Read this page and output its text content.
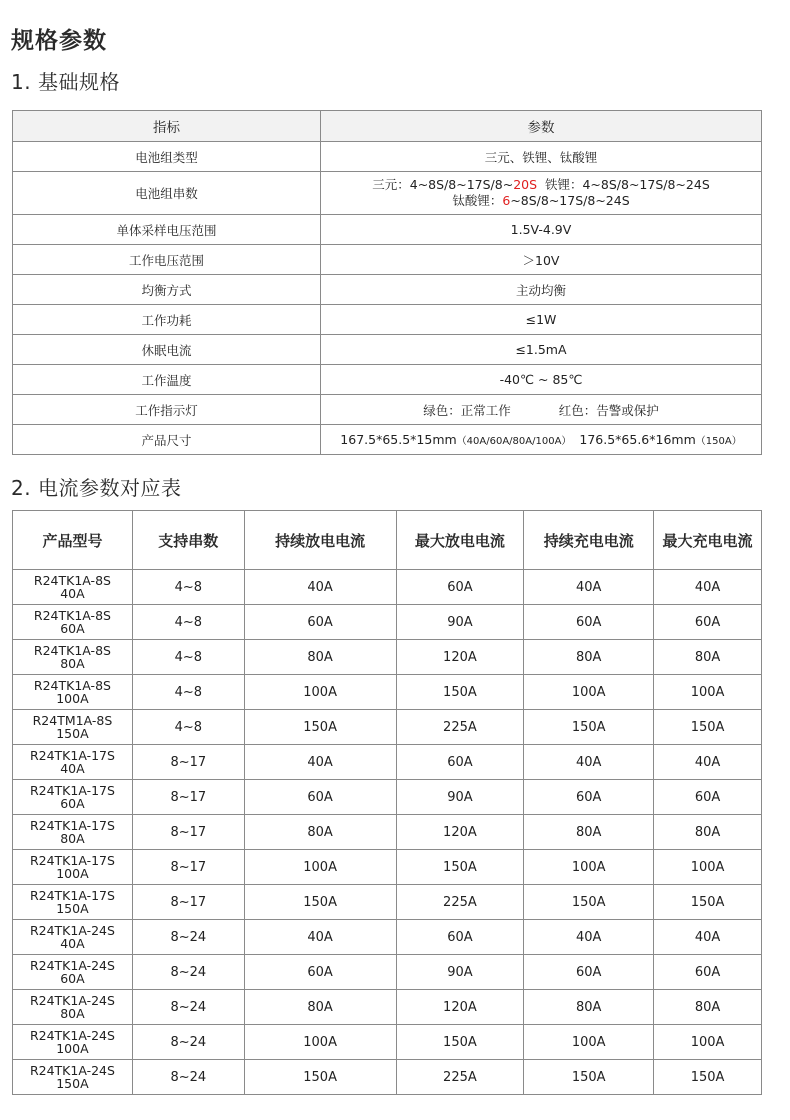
规格参数
1. 基础规格
指标	参数
电池组类型	三元、铁锂、钛酸锂
电池组串数	三元：4~8S/8~17S/8~20S  铁锂：4~8S/8~17S/8~24S
钛酸锂：6~8S/8~17S/8~24S

单体采样电压范围	1.5V-4.9V
工作电压范围	＞10V
均衡方式	主动均衡
工作功耗	≤1W
休眠电流	≤1.5mA
工作温度	-40℃ ~ 85℃
工作指示灯	绿色：正常工作 红色：告警或保护
产品尺寸	167.5*65.5*15mm（40A/60A/80A/100A） 176.5*65.6*16mm（150A）
2. 电流参数对应表
产品型号	支持串数	持续放电电流	最大放电电流	持续充电电流	最大充电电流

R24TK1A-8S
40A	4~8	40A	60A	40A	40A

R24TK1A-8S
60A	4~8	60A	90A	60A	60A

R24TK1A-8S
80A	4~8	80A	120A	80A	80A

R24TK1A-8S
100A	4~8	100A	150A	100A	100A

R24TM1A-8S
150A	4~8	150A	225A	150A	150A

R24TK1A-17S
40A	8~17	40A	60A	40A	40A

R24TK1A-17S
60A	8~17	60A	90A	60A	60A

R24TK1A-17S
80A	8~17	80A	120A	80A	80A

R24TK1A-17S
100A	8~17	100A	150A	100A	100A

R24TK1A-17S
150A	8~17	150A	225A	150A	150A

R24TK1A-24S
40A	8~24	40A	60A	40A	40A

R24TK1A-24S
60A	8~24	60A	90A	60A	60A

R24TK1A-24S
80A	8~24	80A	120A	80A	80A

R24TK1A-24S
100A	8~24	100A	150A	100A	100A

R24TK1A-24S
150A	8~24	150A	225A	150A	150A
